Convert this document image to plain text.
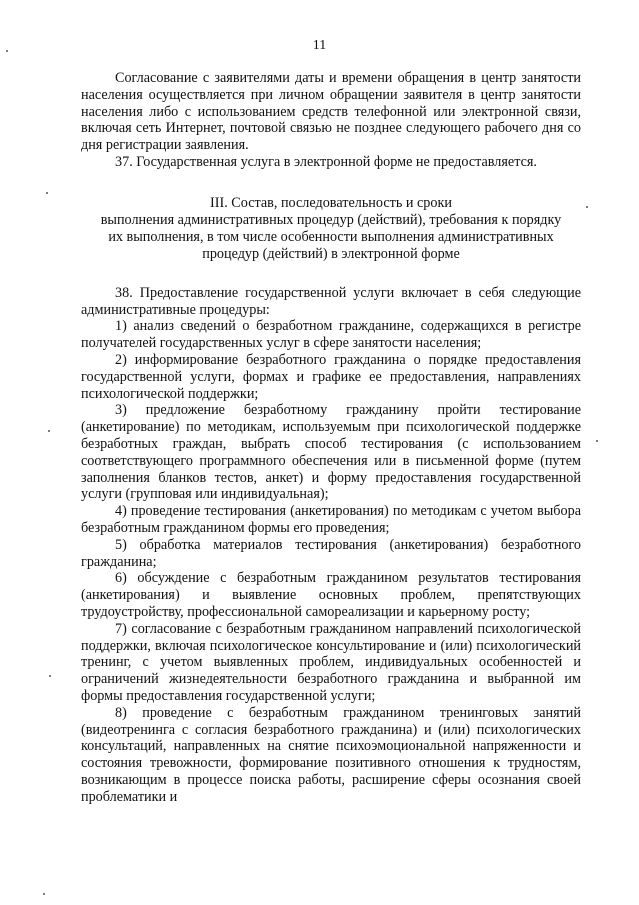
11

Согласование с заявителями даты и времени обращения в центр занятости населения осуществляется при личном обращении заявителя в центр занятости населения либо с использованием средств телефонной или электронной связи, включая сеть Интернет, почтовой связью не позднее следующего рабочего дня со дня регистрации заявления.

37. Государственная услуга в электронной форме не предоставляется.

III. Состав, последовательность и сроки
выполнения административных процедур (действий), требования к порядку
их выполнения, в том числе особенности выполнения административных
процедур (действий) в электронной форме

38. Предоставление государственной услуги включает в себя следующие административные процедуры:

1) анализ сведений о безработном гражданине, содержащихся в регистре получателей государственных услуг в сфере занятости населения;

2) информирование безработного гражданина о порядке предоставления государственной услуги, формах и графике ее предоставления, направлениях психологической поддержки;

3) предложение безработному гражданину пройти тестирование (анкетирование) по методикам, используемым при психологической поддержке безработных граждан, выбрать способ тестирования (с использованием соответствующего программного обеспечения или в письменной форме (путем заполнения бланков тестов, анкет) и форму предоставления государственной услуги (групповая или индивидуальная);

4) проведение тестирования (анкетирования) по методикам с учетом выбора безработным гражданином формы его проведения;

5) обработка материалов тестирования (анкетирования) безработного гражданина;

6) обсуждение с безработным гражданином результатов тестирования (анкетирования) и выявление основных проблем, препятствующих трудоустройству, профессиональной самореализации и карьерному росту;

7) согласование с безработным гражданином направлений психологической поддержки, включая психологическое консультирование и (или) психологический тренинг, с учетом выявленных проблем, индивидуальных особенностей и ограничений жизнедеятельности безработного гражданина и выбранной им формы предоставления государственной услуги;

8) проведение с безработным гражданином тренинговых занятий (видеотренинга с согласия безработного гражданина) и (или) психологических консультаций, направленных на снятие психоэмоциональной напряженности и состояния тревожности, формирование позитивного отношения к трудностям, возникающим в процессе поиска работы, расширение сферы осознания своей проблематики и
